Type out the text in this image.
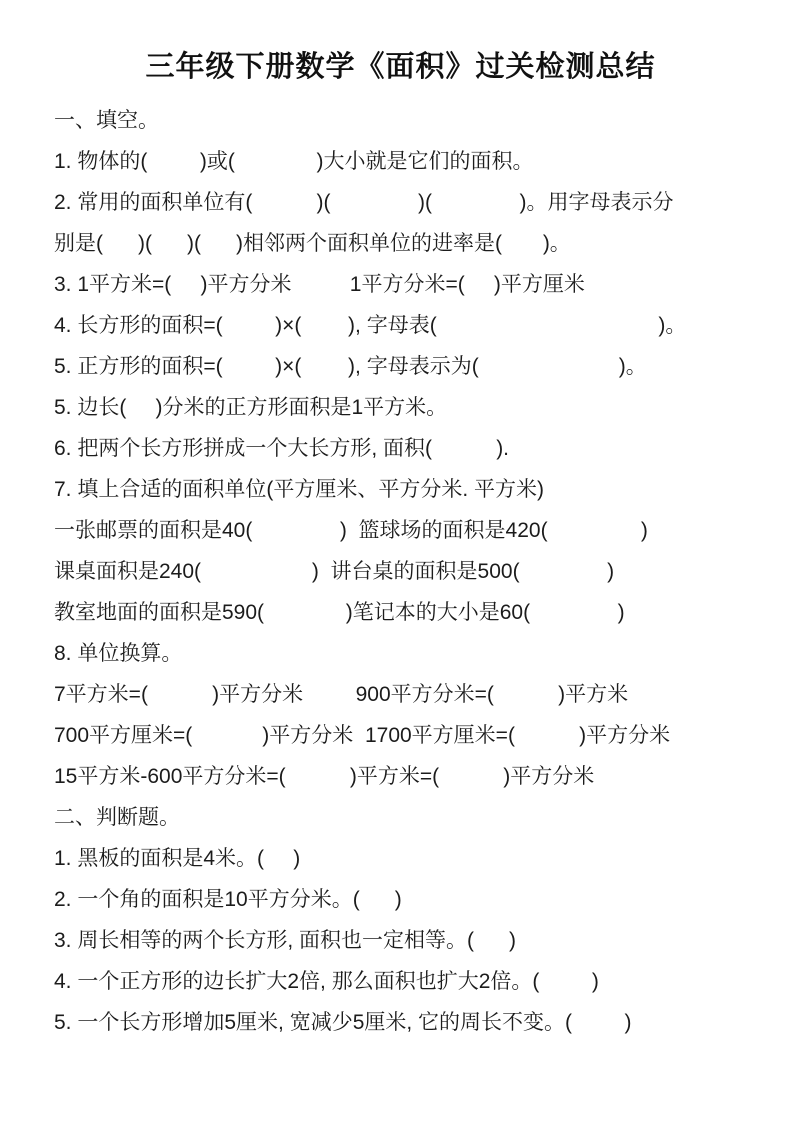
三年级下册数学《面积》过关检测总结
一、填空。
1. 物体的(         )或(              )大小就是它们的面积。
2. 常用的面积单位有(           )(               )(               )。用字母表示分
别是(      )(      )(      )相邻两个面积单位的进率是(       )。
3. 1平方米=(     )平方分米          1平方分米=(     )平方厘米
4. 长方形的面积=(         )×(        ), 字母表(                                      )。
5. 正方形的面积=(         )×(        ), 字母表示为(                        )。
5. 边长(     )分米的正方形面积是1平方米。
6. 把两个长方形拼成一个大长方形, 面积(           ).
7. 填上合适的面积单位(平方厘米、平方分米. 平方米)
一张邮票的面积是40(               )  篮球场的面积是420(                )
课桌面积是240(                   )  讲台桌的面积是500(               )
教室地面的面积是590(              )笔记本的大小是60(               )
8. 单位换算。
7平方米=(           )平方分米         900平方分米=(           )平方米
700平方厘米=(            )平方分米  1700平方厘米=(           )平方分米
15平方米-600平方分米=(           )平方米=(           )平方分米
二、判断题。
1. 黑板的面积是4米。(     )
2. 一个角的面积是10平方分米。(      )
3. 周长相等的两个长方形, 面积也一定相等。(      )
4. 一个正方形的边长扩大2倍, 那么面积也扩大2倍。(         )
5. 一个长方形增加5厘米, 宽减少5厘米, 它的周长不变。(         )
